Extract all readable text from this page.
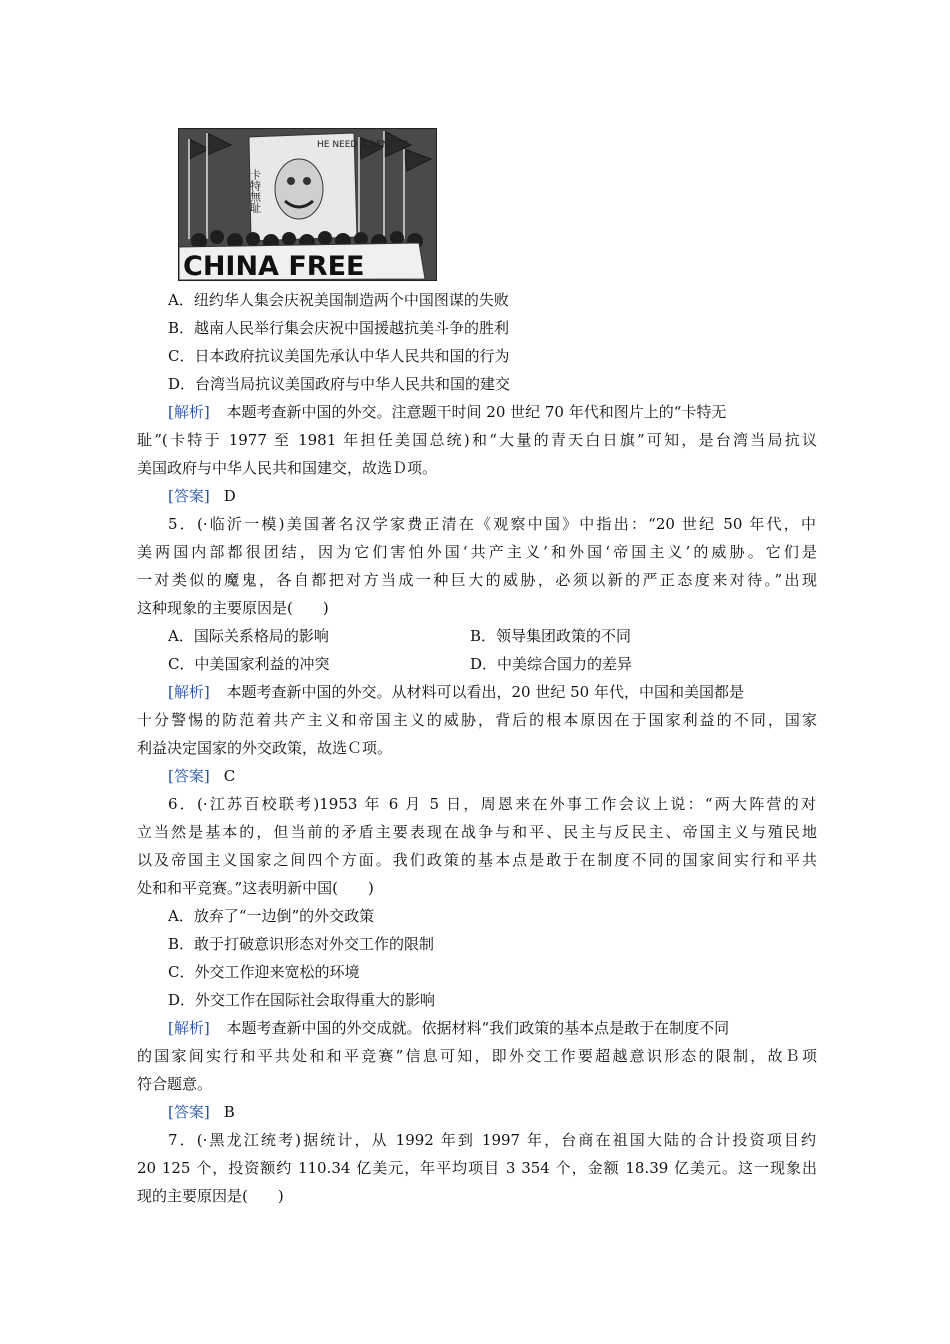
HE NEED A DENTIST
卡特無耻
CHINA FREE
A．纽约华人集会庆祝美国制造两个中国图谋的失败
B．越南人民举行集会庆祝中国援越抗美斗争的胜利
C．日本政府抗议美国先承认中华人民共和国的行为
D．台湾当局抗议美国政府与中华人民共和国的建交
[解析] 本题考查新中国的外交。注意题干时间 20 世纪 70 年代和图片上的“卡特无
耻”(卡特于 1977 至 1981 年担任美国总统)和“大量的青天白日旗”可知，是台湾当局抗议
美国政府与中华人民共和国建交，故选Ｄ项。
[答案] D
5．(·临沂一模)美国著名汉学家费正清在《观察中国》中指出：“20 世纪 50 年代，中
美两国内部都很团结，因为它们害怕外国‘共产主义’和外国‘帝国主义’的威胁。它们是
一对类似的魔鬼，各自都把对方当成一种巨大的威胁，必须以新的严正态度来对待。”出现
这种现象的主要原因是(　　)
A．国际关系格局的影响	B．领导集团政策的不同
C．中美国家利益的冲突	D．中美综合国力的差异
[解析] 本题考查新中国的外交。从材料可以看出，20 世纪 50 年代，中国和美国都是
十分警惕的防范着共产主义和帝国主义的威胁，背后的根本原因在于国家利益的不同，国家
利益决定国家的外交政策，故选Ｃ项。
[答案] C
6．(·江苏百校联考)1953 年 6 月 5 日，周恩来在外事工作会议上说：“两大阵营的对
立当然是基本的，但当前的矛盾主要表现在战争与和平、民主与反民主、帝国主义与殖民地
以及帝国主义国家之间四个方面。我们政策的基本点是敢于在制度不同的国家间实行和平共
处和和平竞赛。”这表明新中国(　　)
A．放弃了“一边倒”的外交政策
B．敢于打破意识形态对外交工作的限制
C．外交工作迎来宽松的环境
D．外交工作在国际社会取得重大的影响
[解析] 本题考查新中国的外交成就。依据材料“我们政策的基本点是敢于在制度不同
的国家间实行和平共处和和平竞赛”信息可知，即外交工作要超越意识形态的限制，故Ｂ项
符合题意。
[答案] B
7．(·黑龙江统考)据统计，从 1992 年到 1997 年，台商在祖国大陆的合计投资项目约
20 125 个，投资额约 110.34 亿美元，年平均项目 3 354 个，金额 18.39 亿美元。这一现象出
现的主要原因是(　　)
